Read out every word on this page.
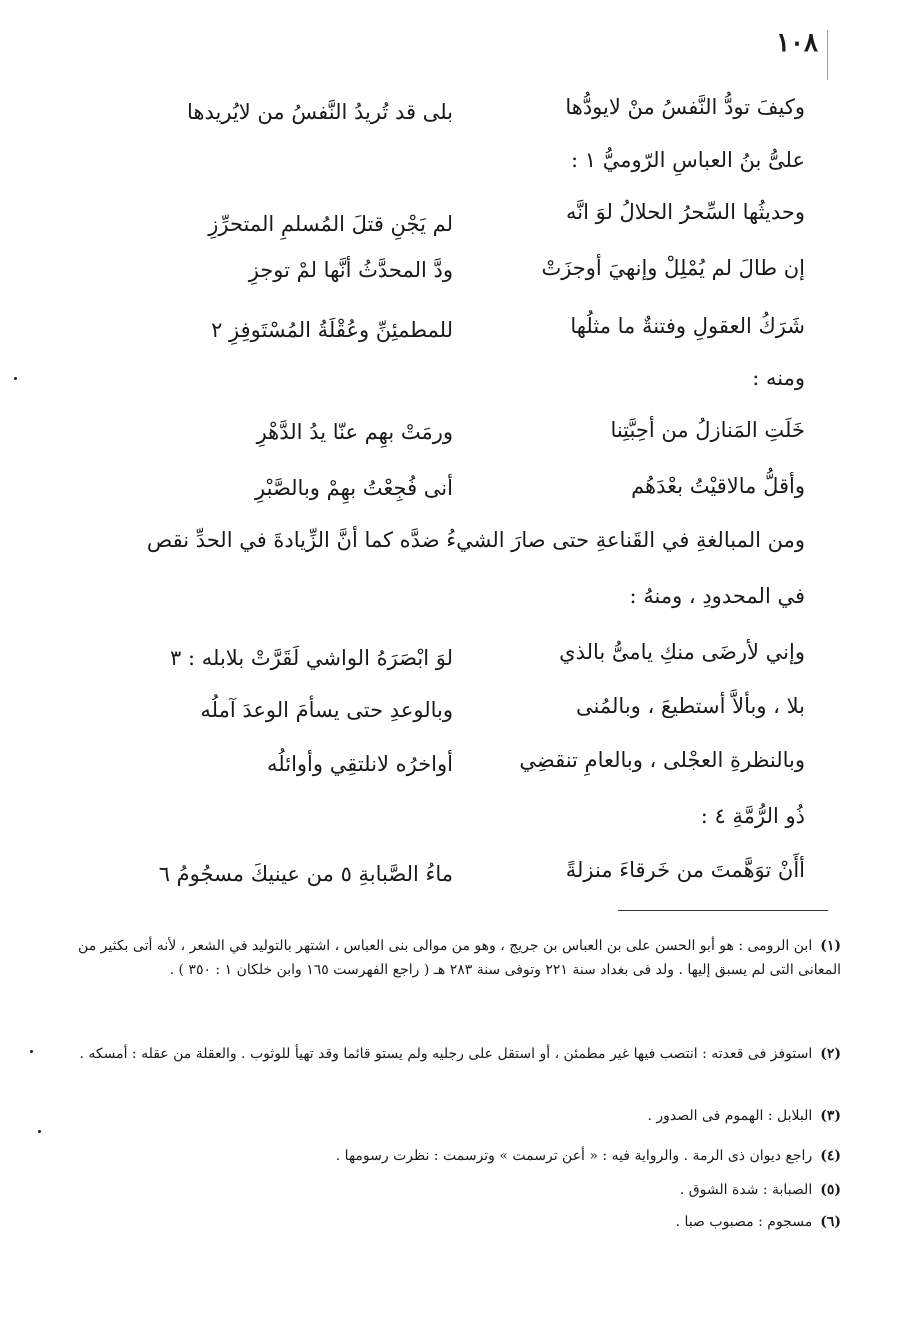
١٠٨
وكيفَ تودُّ النَّفسُ منْ لايودُّها
بلى قد تُريدُ النَّفسُ من لايُريدها
علىُّ بنُ العباسِ الرّوميُّ ١ :
وحديثُها السِّحرُ الحلالُ لوَ انَّه
لم يَجْنِ قتلَ المُسلمِ المتحرِّزِ
إن طالَ لم يُمْلِلْ وإنهيَ أوجزَتْ
ودَّ المحدَّثُ أنَّها لمْ توجزِ
شَرَكُ العقولِ وفتنةٌ ما مثلُها
للمطمئِنِّ وعُقْلَةُ المُسْتَوفِزِ ٢
ومنه :
خَلَتِ المَنازلُ من أحِبَّتِنا
ورمَتْ بهِم عنّا يدُ الدَّهْرِ
وأقلُّ مالاقيْتُ بعْدَهُم
أنى فُجِعْتُ بهِمْ وبالصَّبْرِ
ومن المبالغةِ في القَناعةِ حتى صارَ الشيءُ ضدَّه كما أنَّ الزِّيادةَ في الحدِّ نقص
في المحدودِ ، ومنهُ :
وإني لأرضَى منكِ يامىُّ بالذي
لوَ ابْصَرَهُ الواشي لَقَرَّتْ بلابله : ٣
بلا ، وبألاَّ أستطيعَ ، وبالمُنى
وبالوعدِ حتى يسأمَ الوعدَ آملُه
وبالنظرةِ العجْلى ، وبالعامِ تنقضِي
أواخرُه لانلتقِي وأوائلُه
ذُو الرُّمَّةِ ٤ :
أأَنْ توَهَّمتَ من خَرقاءَ منزلةً
ماءُ الصَّبابةِ ٥ من عينيكَ مسجُومُ ٦
(١)ابن الرومى : هو أبو الحسن على بن العباس بن جريج ، وهو من موالى بنى العباس ، اشتهر بالتوليد في الشعر ، لأنه أتى بكثير من المعانى التى لم يسبق إليها . ولد فى بغداد سنة ٢٢١ وتوفى سنة ٢٨٣ هـ ( راجع الفهرست ١٦٥ وابن خلكان ١ : ٣٥٠ ) .
(٢)استوفز فى قعدته : انتصب فيها غير مطمئن ، أو استقل على رجليه ولم يستو قائما وقد تهيأ للوثوب . والعقلة من عقله : أمسكه .
(٣)البلابل : الهموم فى الصدور .
(٤)راجع ديوان ذى الرمة . والرواية فيه : « أعن ترسمت » وترسمت : نظرت رسومها .
(٥)الصبابة : شدة الشوق .
(٦)مسجوم : مصبوب صبا .
